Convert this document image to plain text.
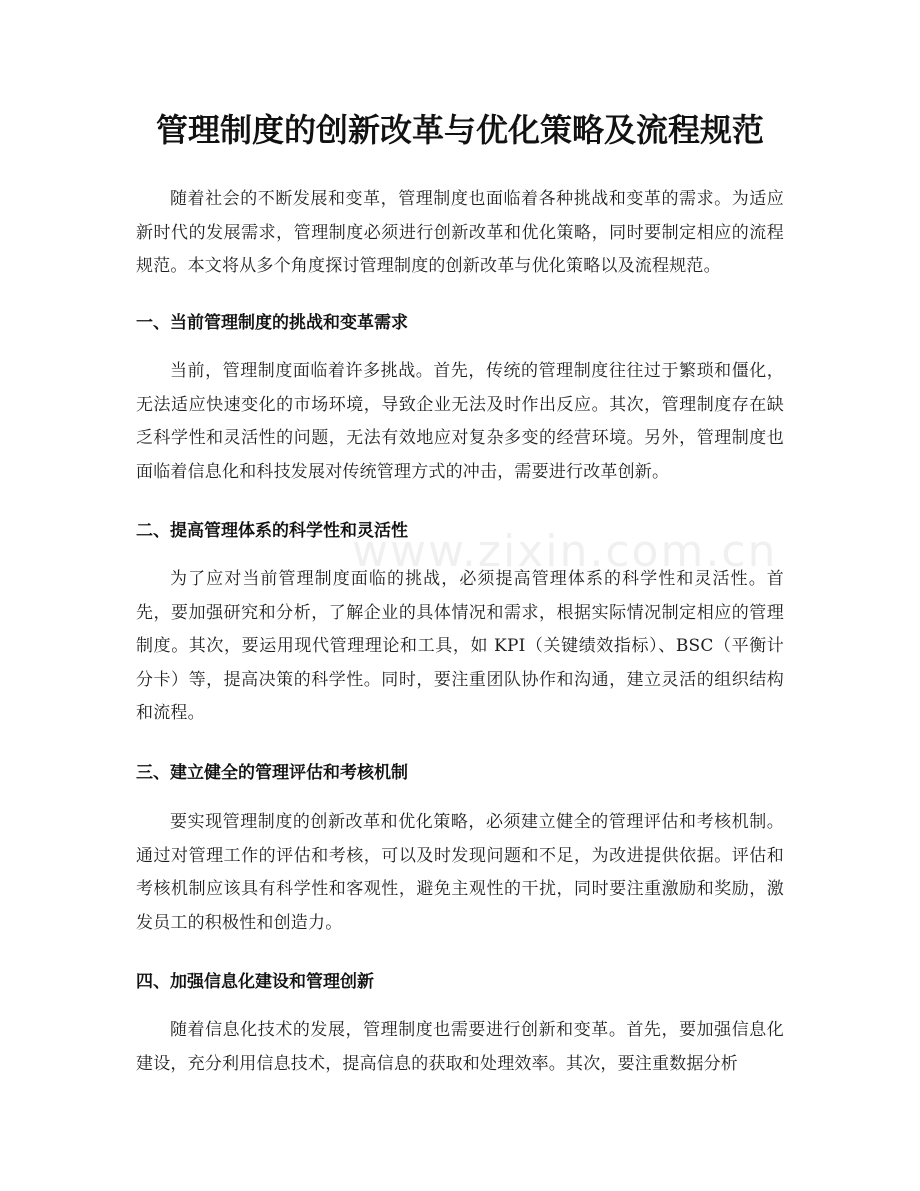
管理制度的创新改革与优化策略及流程规范

随着社会的不断发展和变革，管理制度也面临着各种挑战和变革的需求。为适应新时代的发展需求，管理制度必须进行创新改革和优化策略，同时要制定相应的流程规范。本文将从多个角度探讨管理制度的创新改革与优化策略以及流程规范。

一、当前管理制度的挑战和变革需求

当前，管理制度面临着许多挑战。首先，传统的管理制度往往过于繁琐和僵化，无法适应快速变化的市场环境，导致企业无法及时作出反应。其次，管理制度存在缺乏科学性和灵活性的问题，无法有效地应对复杂多变的经营环境。另外，管理制度也面临着信息化和科技发展对传统管理方式的冲击，需要进行改革创新。

二、提高管理体系的科学性和灵活性

为了应对当前管理制度面临的挑战，必须提高管理体系的科学性和灵活性。首先，要加强研究和分析，了解企业的具体情况和需求，根据实际情况制定相应的管理制度。其次，要运用现代管理理论和工具，如 KPI（关键绩效指标）、BSC（平衡计分卡）等，提高决策的科学性。同时，要注重团队协作和沟通，建立灵活的组织结构和流程。

三、建立健全的管理评估和考核机制

要实现管理制度的创新改革和优化策略，必须建立健全的管理评估和考核机制。通过对管理工作的评估和考核，可以及时发现问题和不足，为改进提供依据。评估和考核机制应该具有科学性和客观性，避免主观性的干扰，同时要注重激励和奖励，激发员工的积极性和创造力。

四、加强信息化建设和管理创新

随着信息化技术的发展，管理制度也需要进行创新和变革。首先，要加强信息化建设，充分利用信息技术，提高信息的获取和处理效率。其次，要注重数据分析

www.zixin.com.cn
